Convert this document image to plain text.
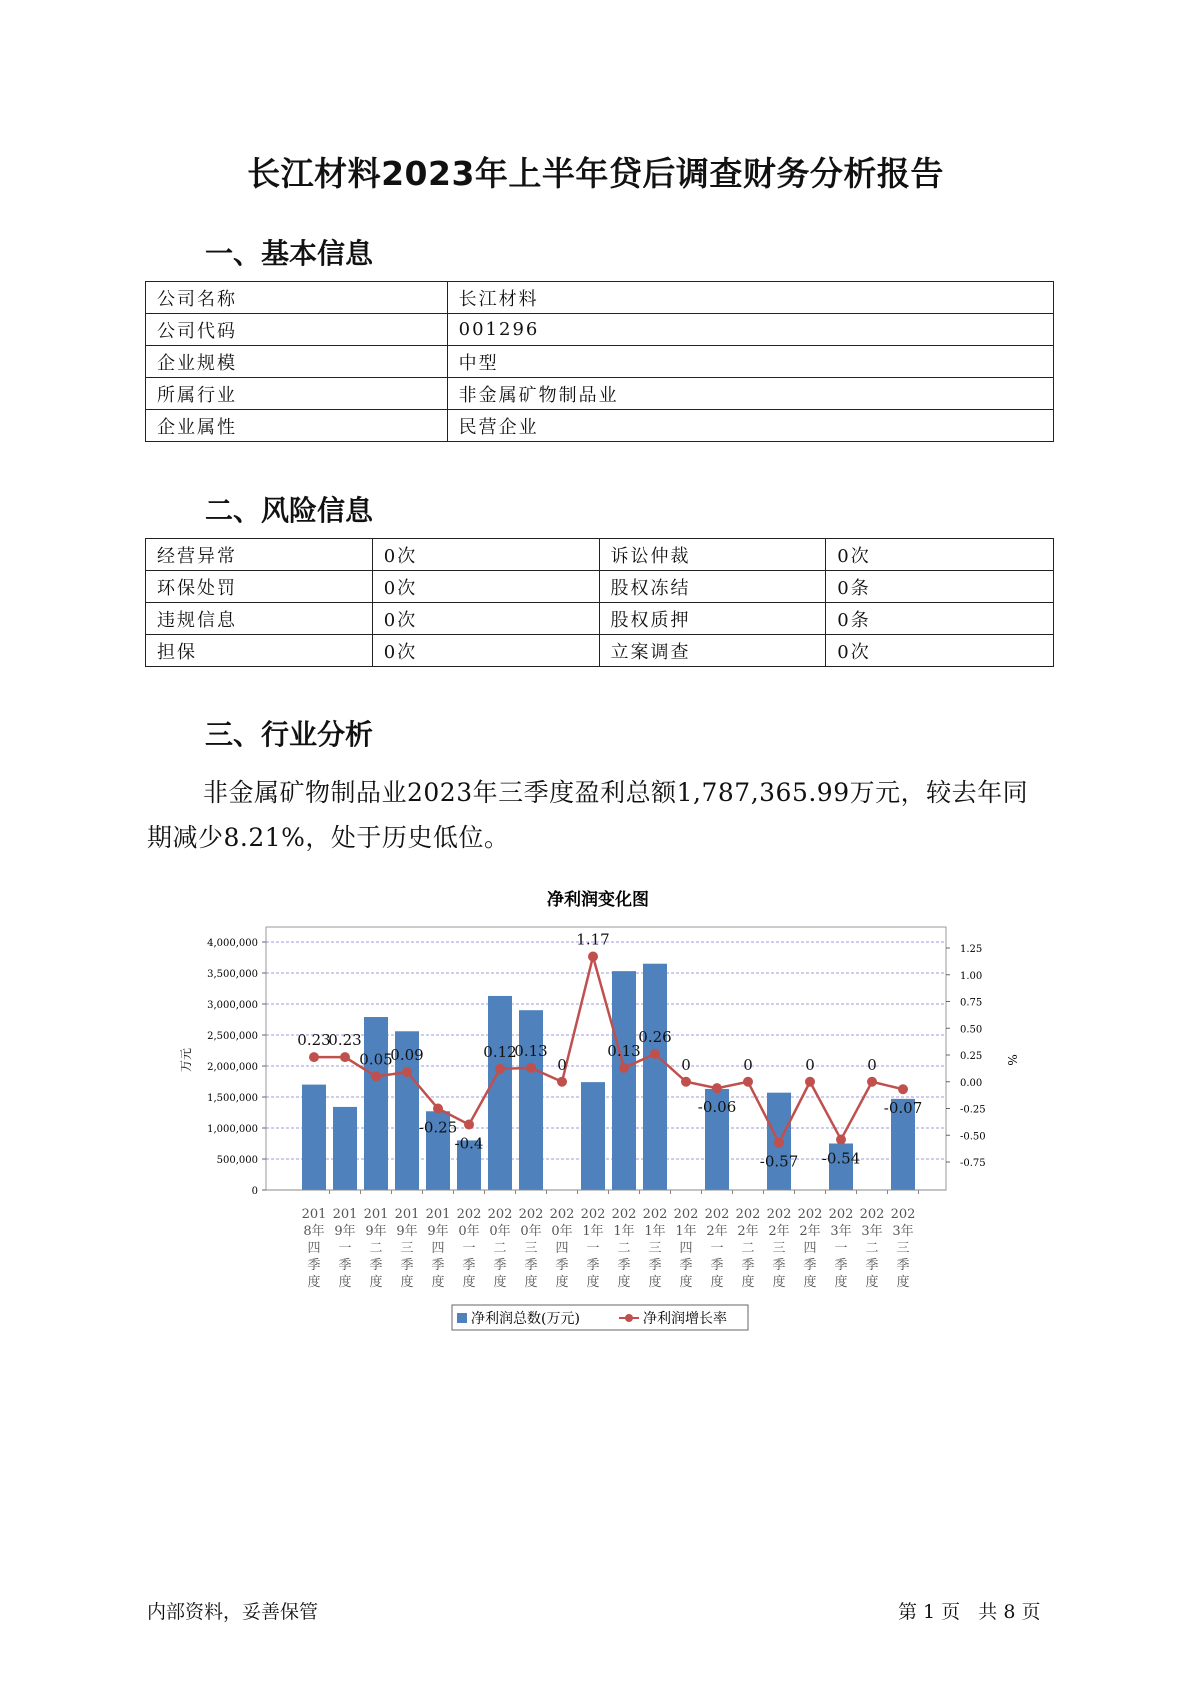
长江材料2023年上半年贷后调查财务分析报告
一、基本信息
公司名称	长江材料
公司代码	001296
企业规模	中型
所属行业	非金属矿物制品业
企业属性	民营企业
二、风险信息
经营异常	0次	诉讼仲裁	0次
环保处罚	0次	股权冻结	0条
违规信息	0次	股权质押	0条
担保	0次	立案调查	0次
三、行业分析
非金属矿物制品业2023年三季度盈利总额1,787,365.99万元，较去年同期减少8.21%，处于历史低位。
净利润变化图
0.23
0.23
0.05
0.09
-0.25
-0.4
0.12
0.13
0
1.17
0.13
0.26
0
-0.06
0
-0.57
0
-0.54
0
-0.07
0
500,000
1,000,000
1,500,000
2,000,000
2,500,000
3,000,000
3,500,000
4,000,000
-0.75
-0.50
-0.25
0.00
0.25
0.50
0.75
1.00
1.25
201 8年四季度
201 9年一季度
201 9年二季度
201 9年三季度
201 9年四季度
202 0年一季度
202 0年二季度
202 0年三季度
202 0年四季度
202 1年一季度
202 1年二季度
202 1年三季度
202 1年四季度
202 2年一季度
202 2年二季度
202 2年三季度
202 2年四季度
202 3年一季度
202 3年二季度
202 3年三季度
万元	%
净利润总数(万元)	净利润增长率
内部资料，妥善保管	第 1 页   共 8 页
